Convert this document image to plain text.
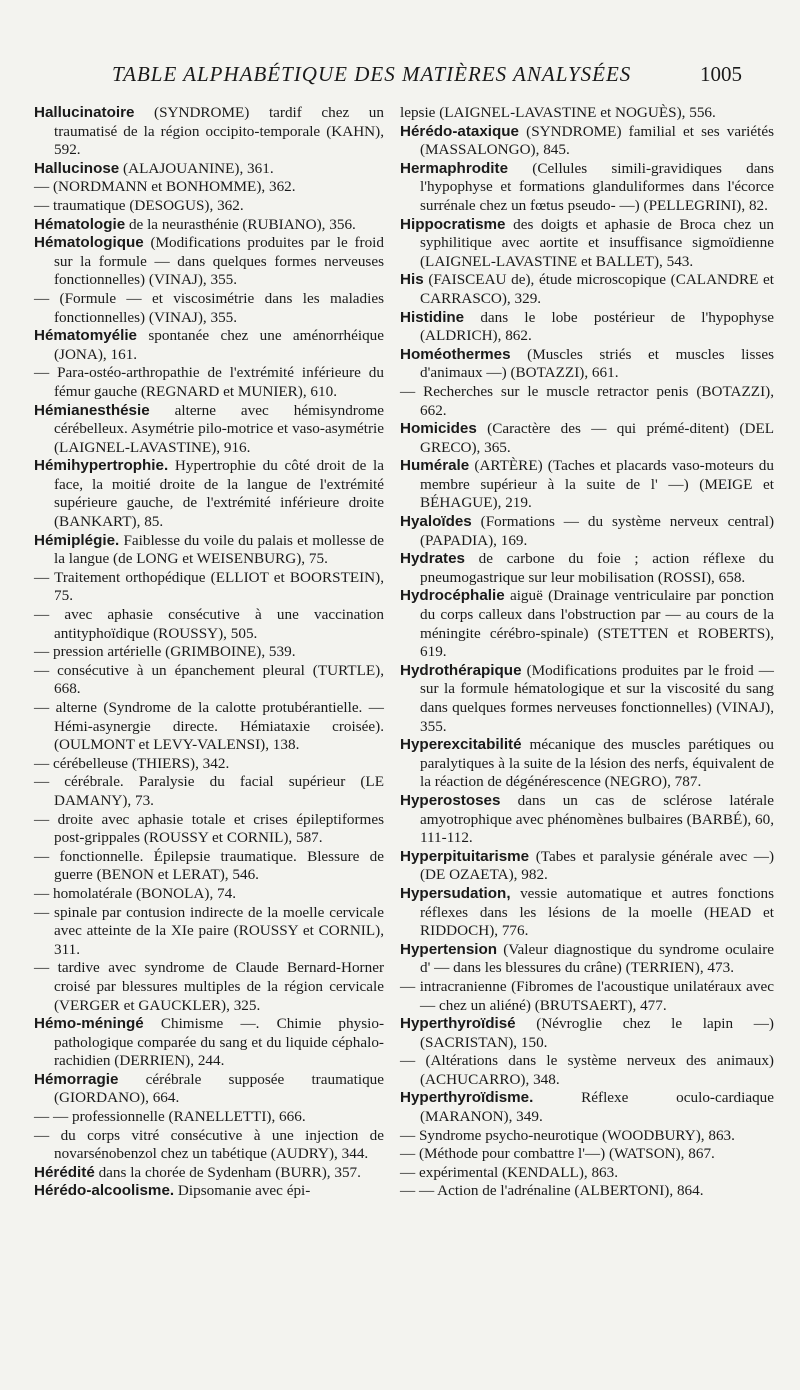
TABLE ALPHABÉTIQUE DES MATIÈRES ANALYSÉES	1005

Hallucinatoire (SYNDROME) tardif chez un traumatisé de la région occipito-temporale (KAHN), 592.

Hallucinose (ALAJOUANINE), 361.

— (NORDMANN et BONHOMME), 362.

— traumatique (DESOGUS), 362.

Hématologie de la neurasthénie (RUBIANO), 356.

Hématologique (Modifications produites par le froid sur la formule — dans quelques formes nerveuses fonctionnelles) (VINAJ), 355.

— (Formule — et viscosimétrie dans les maladies fonctionnelles) (VINAJ), 355.

Hématomyélie spontanée chez une aménorrhéique (JONA), 161.

— Para-ostéo-arthropathie de l'extrémité inférieure du fémur gauche (REGNARD et MUNIER), 610.

Hémianesthésie alterne avec hémisyndrome cérébelleux. Asymétrie pilo-motrice et vaso-asymétrie (LAIGNEL-LAVASTINE), 916.

Hémihypertrophie. Hypertrophie du côté droit de la face, la moitié droite de la langue de l'extrémité supérieure gauche, de l'extrémité inférieure droite (BANKART), 85.

Hémiplégie. Faiblesse du voile du palais et mollesse de la langue (de LONG et WEISENBURG), 75.

— Traitement orthopédique (ELLIOT et BOORSTEIN), 75.

— avec aphasie consécutive à une vaccination antityphoïdique (ROUSSY), 505.

— pression artérielle (GRIMBOINE), 539.

— consécutive à un épanchement pleural (TURTLE), 668.

— alterne (Syndrome de la calotte protubérantielle. — Hémi-asynergie directe. Hémiataxie croisée). (OULMONT et LEVY-VALENSI), 138.

— cérébelleuse (THIERS), 342.

— cérébrale. Paralysie du facial supérieur (LE DAMANY), 73.

— droite avec aphasie totale et crises épileptiformes post-grippales (ROUSSY et CORNIL), 587.

— fonctionnelle. Épilepsie traumatique. Blessure de guerre (BENON et LERAT), 546.

— homolatérale (BONOLA), 74.

— spinale par contusion indirecte de la moelle cervicale avec atteinte de la XIe paire (ROUSSY et CORNIL), 311.

— tardive avec syndrome de Claude Bernard-Horner croisé par blessures multiples de la région cervicale (VERGER et GAUCKLER), 325.

Hémo-méningé Chimisme —. Chimie physio-pathologique comparée du sang et du liquide céphalo-rachidien (DERRIEN), 244.

Hémorragie cérébrale supposée traumatique (GIORDANO), 664.

— — professionnelle (RANELLETTI), 666.

— du corps vitré consécutive à une injection de novarsénobenzol chez un tabétique (AUDRY), 344.

Hérédité dans la chorée de Sydenham (BURR), 357.

Hérédo-alcoolisme. Dipsomanie avec épi-

lepsie (LAIGNEL-LAVASTINE et NOGUÈS), 556.

Hérédo-ataxique (SYNDROME) familial et ses variétés (MASSALONGO), 845.

Hermaphrodite (Cellules simili-gravidiques dans l'hypophyse et formations glanduliformes dans l'écorce surrénale chez un fœtus pseudo- —) (PELLEGRINI), 82.

Hippocratisme des doigts et aphasie de Broca chez un syphilitique avec aortite et insuffisance sigmoïdienne (LAIGNEL-LAVASTINE et BALLET), 543.

His (FAISCEAU de), étude microscopique (CALANDRE et CARRASCO), 329.

Histidine dans le lobe postérieur de l'hypophyse (ALDRICH), 862.

Homéothermes (Muscles striés et muscles lisses d'animaux —) (BOTAZZI), 661.

— Recherches sur le muscle retractor penis (BOTAZZI), 662.

Homicides (Caractère des — qui prémé-ditent) (DEL GRECO), 365.

Humérale (ARTÈRE) (Taches et placards vaso-moteurs du membre supérieur à la suite de l' —) (MEIGE et BÉHAGUE), 219.

Hyaloïdes (Formations — du système nerveux central) (PAPADIA), 169.

Hydrates de carbone du foie ; action réflexe du pneumogastrique sur leur mobilisation (ROSSI), 658.

Hydrocéphalie aiguë (Drainage ventriculaire par ponction du corps calleux dans l'obstruction par — au cours de la méningite cérébro-spinale) (STETTEN et ROBERTS), 619.

Hydrothérapique (Modifications produites par le froid — sur la formule hématologique et sur la viscosité du sang dans quelques formes nerveuses fonctionnelles) (VINAJ), 355.

Hyperexcitabilité mécanique des muscles parétiques ou paralytiques à la suite de la lésion des nerfs, équivalent de la réaction de dégénérescence (NEGRO), 787.

Hyperostoses dans un cas de sclérose latérale amyotrophique avec phénomènes bulbaires (BARBÉ), 60, 111-112.

Hyperpituitarisme (Tabes et paralysie générale avec —) (DE OZAETA), 982.

Hypersudation, vessie automatique et autres fonctions réflexes dans les lésions de la moelle (HEAD et RIDDOCH), 776.

Hypertension (Valeur diagnostique du syndrome oculaire d' — dans les blessures du crâne) (TERRIEN), 473.

— intracranienne (Fibromes de l'acoustique unilatéraux avec — chez un aliéné) (BRUTSAERT), 477.

Hyperthyroïdisé (Névroglie chez le lapin —) (SACRISTAN), 150.

— (Altérations dans le système nerveux des animaux) (ACHUCARRO), 348.

Hyperthyroïdisme.	Réflexe oculo-cardiaque (MARANON), 349.

— Syndrome psycho-neurotique (WOODBURY), 863.

— (Méthode pour combattre l'—) (WATSON), 867.

— expérimental (KENDALL), 863.

— — Action de l'adrénaline (ALBERTONI), 864.
